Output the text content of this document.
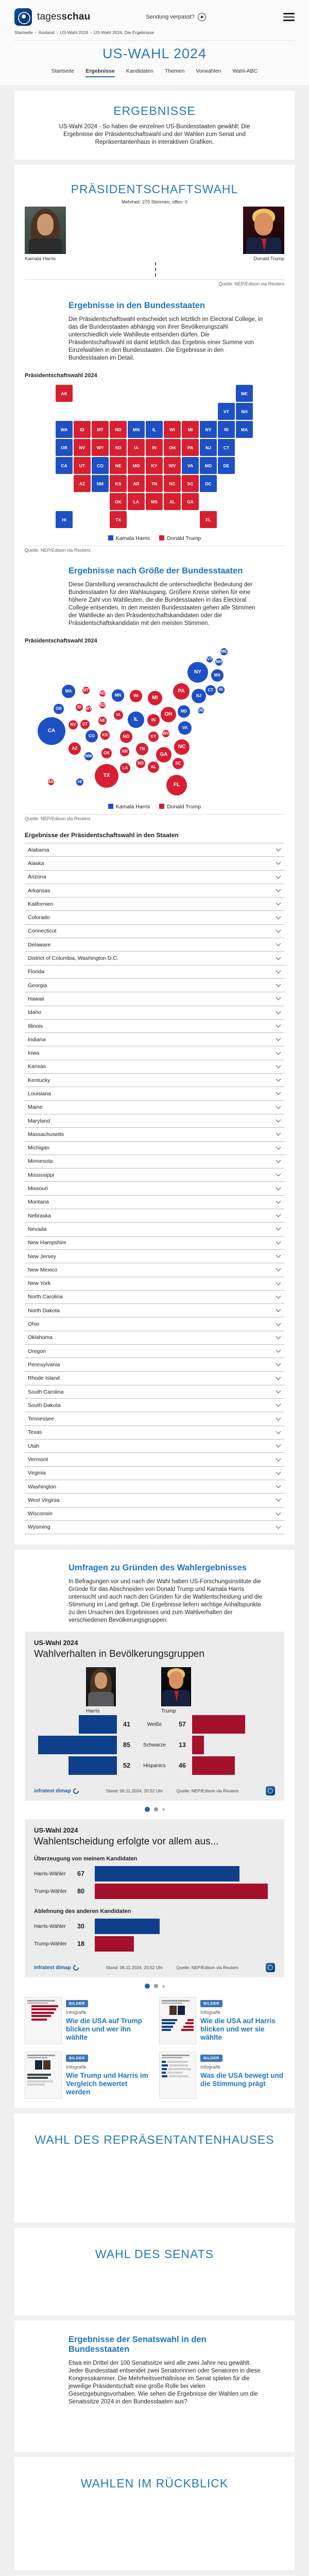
tagesschau	Sendung verpasst?
Startseite › Ausland › US-Wahl 2024 › US-Wahl 2024: Die Ergebnisse
US-WAHL 2024
Startseite Ergebnisse Kandidaten Themen Vorwahlen Wahl-ABC
ERGEBNISSE
US-Wahl 2024 - So haben die einzelnen US-Bundesstaaten gewählt: Die Ergebnisse der Präsidentschaftswahl und der Wahlen zum Senat und Repräsentantenhaus in interaktiven Grafiken.
PRÄSIDENTSCHAFTSWAHL
Mehrheit: 270 Stimmen, offen: 0
Kamala Harris	Donald Trump
226	312
Quelle: NEP/Edison via Reuters
Ergebnisse in den Bundesstaaten
Die Präsidentschaftswahl entscheidet sich letztlich im Electoral College, in das die Bundesstaaten abhängig von ihrer Bevölkerungszahl unterschiedlich viele Wahlleute entsenden dürfen. Die Präsidentschaftswahl ist damit letztlich das Ergebnis einer Summe von Einzelwahlen in den Bundesstaaten. Die Ergebnisse in den Bundesstaaten im Detail.
Präsidentschaftswahl 2024
AL
AK
AZ	AR
CA	CO
CT
DE
DC
FL
GA
HI
ID	IL
IN
IA
KS
KY
LA
ME
MD
MA
MI
MN
MS
MO
MT
NE
NV
NH
NJ
NM
NY
NC
ND
OH
OK
OR	PA
RI
SC
SD
TN
TX
UT
VT
VA
WA
WV
WI
WY
Kamala Harris	Donald Trump
Quelle: NEP/Edison via Reuters
Ergebnisse nach Größe der Bundesstaaten
Diese Darstellung veranschaulicht die unterschiedliche Bedeutung der Bundesstaaten für den Wahlausgang. Größere Kreise stehen für eine höhere Zahl von Wahlleuten, die die Bundesstaaten in das Electoral College entsenden. In den meisten Bundesstaaten gehen alle Stimmen der Wahlleute an den Präsidentschaftskandidaten oder die Präsidentschaftskandidatin mit den meisten Stimmen.
Präsidentschaftswahl 2024
AL
AK
AZ
AR
CA
CO
CT
DE
FL
GA
HI
ID
IL	IN
IA
KS	KY
LA
ME
MD
MA
MI
MN
MS
MO
MT
NE
NV
NH
NJ
NM
NY
NC
ND
OH
OK
OR
PA	RI
SC
SD
TN
TX
UT
VT
VA
WA
WV
WI
WY
Kamala Harris	Donald Trump
Quelle: NEP/Edison via Reuters
Ergebnisse der Präsidentschaftswahl in den Staaten
Alabama
Alaska
Arizona
Arkansas
Kalifornien
Colorado
Connecticut
Delaware
District of Columbia, Washington D.C.
Florida
Georgia
Hawaii
Idaho
Illinois
Indiana
Iowa
Kansas
Kentucky
Louisiana
Maine
Maryland
Massachusetts
Michigan
Minnesota
Mississippi
Missouri
Montana
Nebraska
Nevada
New Hampshire
New Jersey
New Mexico
New York
North Carolina
North Dakota
Ohio
Oklahoma
Oregon
Pennsylvania
Rhode Island
South Carolina
South Dakota
Tennessee
Texas
Utah
Vermont
Virginia
Washington
West Virginia
Wisconsin
Wyoming
Umfragen zu Gründen des Wahlergebnisses
In Befragungen vor und nach der Wahl haben US-Forschungsinstitute die Gründe für das Abschneiden von Donald Trump und Kamala Harris untersucht und auch nach den Gründen für die Wahlentscheidung und die Stimmung im Land gefragt. Die Ergebnisse liefern wichtige Anhaltspunkte zu den Ursachen des Ergebnisses und zum Wahlverhalten der verschiedenen Bevölkerungsgruppen.
US-Wahl 2024
Wahlverhalten in Bevölkerungsgruppen
Harris	Trump
41	Weiße	57
85	Schwarze	13
52	Hispanics	46
infratest dimap	Stand: 06.11.2024, 20:52 Uhr	Quelle: NEP/Edison via Reuters
US-Wahl 2024
Wahlentscheidung erfolgte vor allem aus...
Überzeugung von meinem Kandidaten
Harris-Wähler	67
Trump-Wähler	80
Ablehnung des anderen Kandidaten
Harris-Wähler	30
Trump-Wähler	18
infratest dimap	Stand: 06.11.2024, 20:52 Uhr	Quelle: NEP/Edison via Reuters
BILDER
Infografik
Wie die USA auf Trump blicken und wer ihn wählte
BILDER
Infografik
Wie die USA auf Harris blicken und wer sie wählte
BILDER
Infografik
Wie Trump und Harris im Vergleich bewertet werden
BILDER
Infografik
Was die USA bewegt und die Stimmung prägt
WAHL DES REPRÄSENTANTENHAUSES
WAHL DES SENATS
Ergebnisse der Senatswahl in den Bundesstaaten
Etwa ein Drittel der 100 Senatssitze wird alle zwei Jahre neu gewählt. Jeder Bundesstaat entsendet zwei Senatorinnen oder Senatoren in diese Kongresskammer. Die Mehrheitsverhältnisse im Senat spielen für die jeweilige Präsidentschaft eine große Rolle bei vielen Gesetzgebungsvorhaben. Wie sehen die Ergebnisse der Wahlen um die Senatssitze 2024 in den Bundesstaaten aus?
WAHLEN IM RÜCKBLICK
